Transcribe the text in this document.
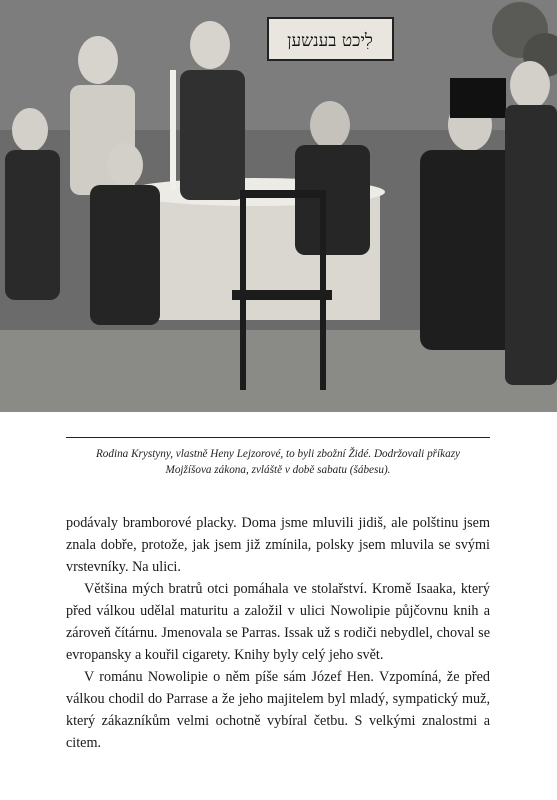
לִיכט בענשען
Rodina Krystyny, vlastně Heny Lejzorové, to byli zbožní Židé. Dodržovali příkazy
Mojžíšova zákona, zvláště v době sabatu (šábesu).

podávaly bramborové placky. Doma jsme mluvili jidiš, ale polštinu jsem znala dobře, protože, jak jsem již zmínila, polsky jsem mluvila se svými vrstevníky. Na ulici.

Většina mých bratrů otci pomáhala ve stolařství. Kromě Isaaka, který před válkou udělal maturitu a založil v ulici Nowolipie půjčovnu knih a zároveň čítárnu. Jmenovala se Parras. Issak už s rodiči nebydlel, choval se evropansky a kouřil cigarety. Knihy byly celý jeho svět.

V románu Nowolipie o něm píše sám Józef Hen. Vzpomíná, že před válkou chodil do Parrase a že jeho majitelem byl mladý, sympatický muž, který zákazníkům velmi ochotně vybíral četbu. S velkými znalostmi a citem.
